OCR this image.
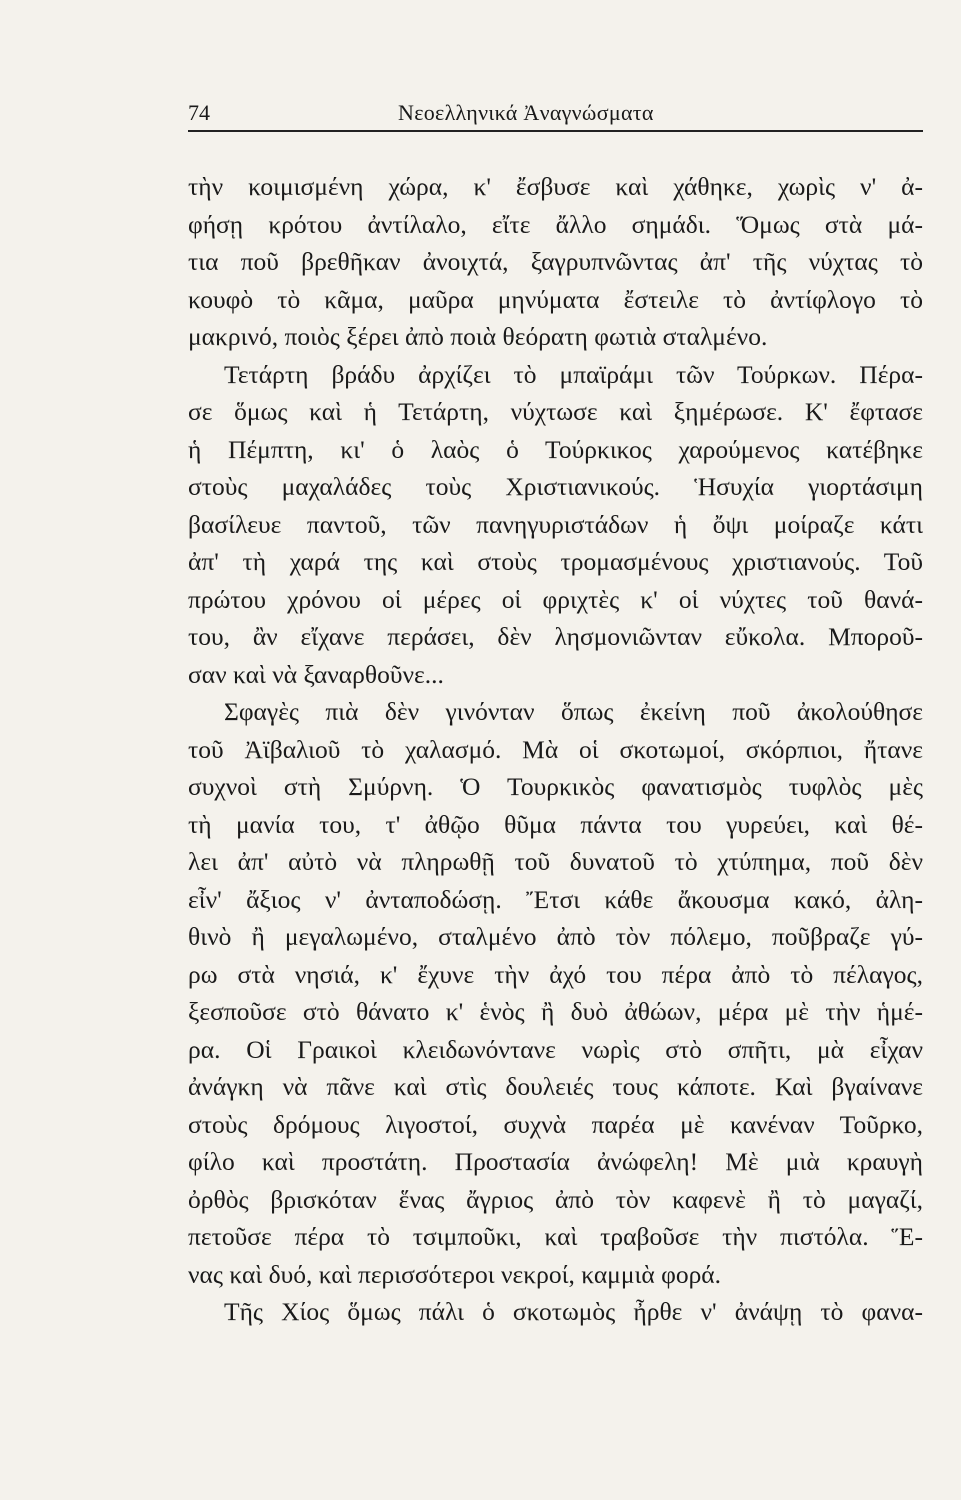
74	Νεοελληνικά Ἀναγνώσματα
τὴν κοιμισμένη χώρα, κ' ἔσβυσε καὶ χάθηκε, χωρὶς ν' ἀ-
φήσῃ κρότου ἀντίλαλο, εἴτε ἄλλο σημάδι. Ὅμως στὰ μά-
τια ποῦ βρεθῆκαν ἀνοιχτά, ξαγρυπνῶντας ἀπ' τῆς νύχτας τὸ
κουφὸ τὸ κᾶμα, μαῦρα μηνύματα ἔστειλε τὸ ἀντίφλογο τὸ
μακρινό, ποιὸς ξέρει ἀπὸ ποιὰ θεόρατη φωτιὰ σταλμένο.
Τετάρτη βράδυ ἀρχίζει τὸ μπαϊράμι τῶν Τούρκων. Πέρα-
σε ὅμως καὶ ἡ Τετάρτη, νύχτωσε καὶ ξημέρωσε. Κ' ἔφτασε
ἡ Πέμπτη, κι' ὁ λαὸς ὁ Τούρκικος χαρούμενος κατέβηκε
στοὺς μαχαλάδες τοὺς Χριστιανικούς. Ἡσυχία γιορτάσιμη
βασίλευε παντοῦ, τῶν πανηγυριστάδων ἡ ὄψι μοίραζε κάτι
ἀπ' τὴ χαρά της καὶ στοὺς τρομασμένους χριστιανούς. Τοῦ
πρώτου χρόνου οἱ μέρες οἱ φριχτὲς κ' οἱ νύχτες τοῦ θανά-
του, ἂν εἴχανε περάσει, δὲν λησμονιῶνταν εὔκολα. Μποροῦ-
σαν καὶ νὰ ξαναρθοῦνε...
Σφαγὲς πιὰ δὲν γινόνταν ὅπως ἐκείνη ποῦ ἀκολούθησε
τοῦ Ἀϊβαλιοῦ τὸ χαλασμό. Μὰ οἱ σκοτωμοί, σκόρπιοι, ἤτανε
συχνοὶ στὴ Σμύρνη. Ὁ Τουρκικὸς φανατισμὸς τυφλὸς μὲς
τὴ μανία του, τ' ἀθῷο θῦμα πάντα του γυρεύει, καὶ θέ-
λει ἀπ' αὐτὸ νὰ πληρωθῇ τοῦ δυνατοῦ τὸ χτύπημα, ποῦ δὲν
εἶν' ἄξιος ν' ἀνταποδώσῃ. Ἔτσι κάθε ἄκουσμα κακό, ἀλη-
θινὸ ἢ μεγαλωμένο, σταλμένο ἀπὸ τὸν πόλεμο, ποῦβραζε γύ-
ρω στὰ νησιά, κ' ἔχυνε τὴν ἀχό του πέρα ἀπὸ τὸ πέλαγος,
ξεσποῦσε στὸ θάνατο κ' ἑνὸς ἢ δυὸ ἀθώων, μέρα μὲ τὴν ἡμέ-
ρα. Οἱ Γραικοὶ κλειδωνόντανε νωρὶς στὸ σπῆτι, μὰ εἶχαν
ἀνάγκη νὰ πᾶνε καὶ στὶς δουλειές τους κάποτε. Καὶ βγαίνανε
στοὺς δρόμους λιγοστοί, συχνὰ παρέα μὲ κανέναν Τοῦρκο,
φίλο καὶ προστάτη. Προστασία ἀνώφελη! Μὲ μιὰ κραυγὴ
ὀρθὸς βρισκόταν ἕνας ἄγριος ἀπὸ τὸν καφενὲ ἢ τὸ μαγαζί,
πετοῦσε πέρα τὸ τσιμποῦκι, καὶ τραβοῦσε τὴν πιστόλα. Ἕ-
νας καὶ δυό, καὶ περισσότεροι νεκροί, καμμιὰ φορά.
Τῆς Χίος ὅμως πάλι ὁ σκοτωμὸς ἦρθε ν' ἀνάψῃ τὸ φανα-
